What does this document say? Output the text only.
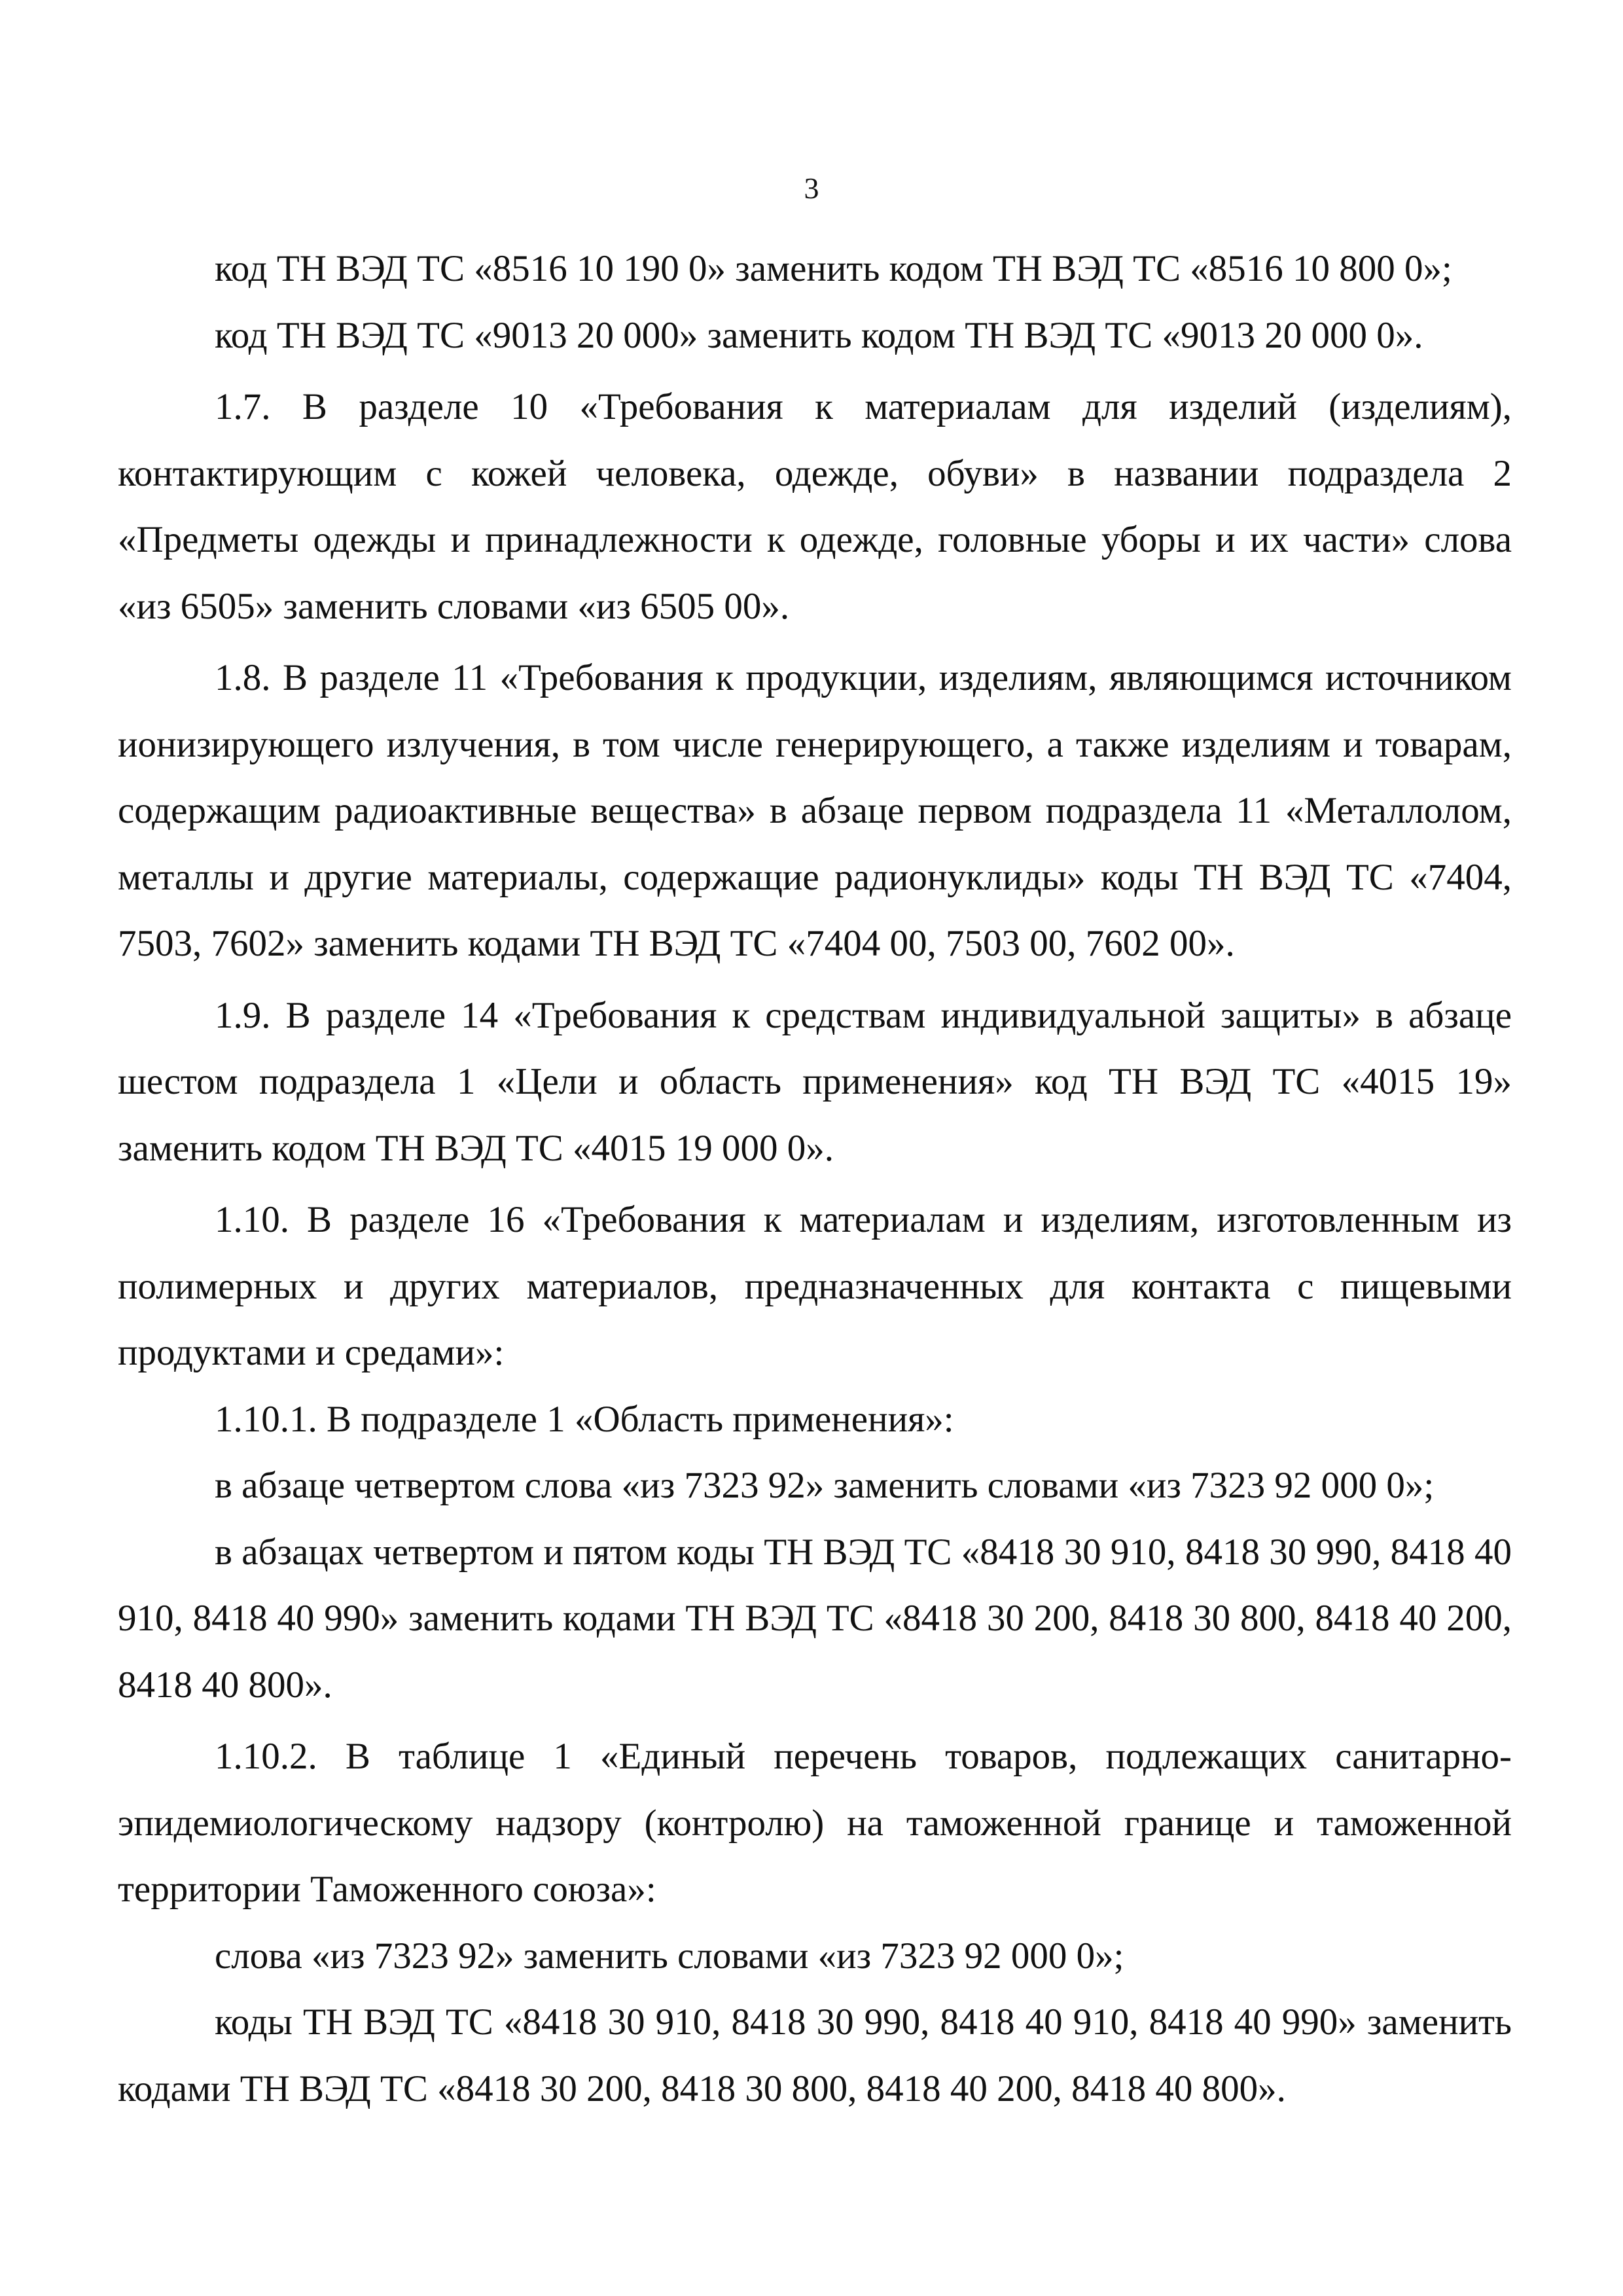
3

код ТН ВЭД ТС «8516 10 190 0» заменить кодом ТН ВЭД ТС «8516 10 800 0»;

код ТН ВЭД ТС «9013 20 000» заменить кодом ТН ВЭД ТС «9013 20 000 0».

1.7. В разделе 10 «Требования к материалам для изделий (изделиям), контактирующим с кожей человека, одежде, обуви» в названии подраздела 2 «Предметы одежды и принадлежности к одежде, головные уборы и их части» слова «из 6505» заменить словами «из 6505 00».

1.8. В разделе 11 «Требования к продукции, изделиям, являющимся источником ионизирующего излучения, в том числе генерирующего, а также изделиям и товарам, содержащим радиоактивные вещества» в абзаце первом подраздела 11 «Металлолом, металлы и другие материалы, содержащие радионуклиды» коды ТН ВЭД ТС «7404, 7503, 7602» заменить кодами ТН ВЭД ТС «7404 00, 7503 00, 7602 00».

1.9. В разделе 14 «Требования к средствам индивидуальной защиты» в абзаце шестом подраздела 1 «Цели и область применения» код ТН ВЭД ТС «4015 19» заменить кодом ТН ВЭД ТС «4015 19 000 0».

1.10. В разделе 16 «Требования к материалам и изделиям, изготовленным из полимерных и других материалов, предназначенных для контакта с пищевыми продуктами и средами»:

1.10.1. В подразделе 1 «Область применения»:

в абзаце четвертом слова «из 7323 92» заменить словами «из 7323 92 000 0»;

в абзацах четвертом и пятом коды ТН ВЭД ТС «8418 30 910, 8418 30 990, 8418 40 910, 8418 40 990» заменить кодами ТН ВЭД ТС «8418 30 200, 8418 30 800, 8418 40 200, 8418 40 800».

1.10.2. В таблице 1 «Единый перечень товаров, подлежащих санитарно-эпидемиологическому надзору (контролю) на таможенной границе и таможенной территории Таможенного союза»:

слова «из 7323 92» заменить словами «из 7323 92 000 0»;

коды ТН ВЭД ТС «8418 30 910, 8418 30 990, 8418 40 910, 8418 40 990» заменить кодами ТН ВЭД ТС «8418 30 200, 8418 30 800, 8418 40 200, 8418 40 800».
